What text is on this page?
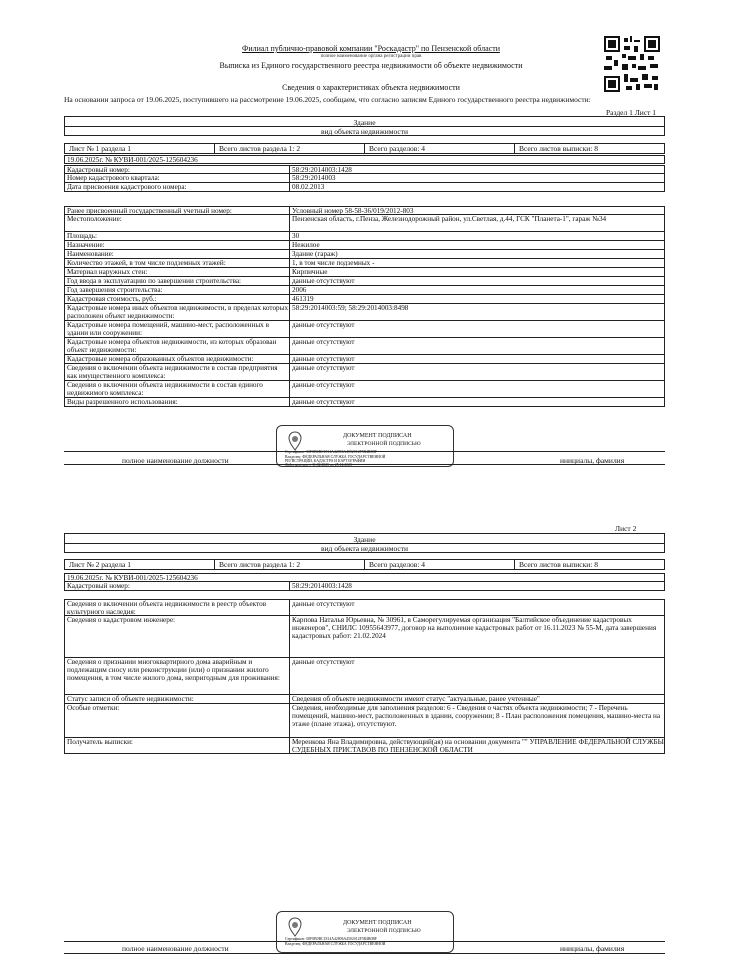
Филиал публично-правовой компании "Роскадастр" по Пензенской области
полное наименование органа регистрации прав
Выписка из Единого государственного реестра недвижимости об объекте недвижимости
Сведения о характеристиках объекта недвижимости
На основании запроса от 19.06.2025, поступившего на рассмотрение 19.06.2025, сообщаем, что согласно записям Единого государственного реестра недвижимости:
Раздел 1 Лист 1
Здание
вид объекта недвижимости
Лист № 1 раздела 1	Всего листов раздела 1: 2	Всего разделов: 4	Всего листов выписки: 8
19.06.2025г. № КУВИ-001/2025-125604236
Кадастровый номер:	58:29:2014003:1428
Номер кадастрового квартала:	58:29:2014003
Дата присвоения кадастрового номера:	08.02.2013
Ранее присвоенный государственный учетный номер:	Условный номер 58-58-36/019/2012-803
Местоположение:	Пензенская область, г.Пенза, Железнодорожный район, ул.Светлая, д.44, ГСК "Планета-1", гараж №34
Площадь:	30
Назначение:	Нежилое
Наименование:	Здание (гараж)
Количество этажей, в том числе подземных этажей:	1, в том числе подземных -
Материал наружных стен:	Кирпичные
Год ввода в эксплуатацию по завершении строительства:	данные отсутствуют
Год завершения строительства:	2006
Кадастровая стоимость, руб.:	461319
Кадастровые номера иных объектов недвижимости, в пределах которых расположен объект недвижимости:
58:29:2014003:59; 58:29:2014003:8498
Кадастровые номера помещений, машино-мест, расположенных в здании или сооружении:
данные отсутствуют
Кадастровые номера объектов недвижимости, из которых образован объект недвижимости:
данные отсутствуют
Кадастровые номера образованных объектов недвижимости:	данные отсутствуют
Сведения о включении объекта недвижимости в состав предприятия как имущественного комплекса:
данные отсутствуют
Сведения о включении объекта недвижимости в состав единого недвижимого комплекса:
данные отсутствуют
Виды разрешенного использования:	данные отсутствуют
ДОКУМЕНТ ПОДПИСАН
ЭЛЕКТРОННОЙ ПОДПИСЬЮ
Сертификат: 00F0B0BC1814A42806A4502012F5B4B0BF
Владелец: ФЕДЕРАЛЬНАЯ СЛУЖБА ГОСУДАРСТВЕННОЙ
РЕГИСТРАЦИИ, КАДАСТРА И КАРТОГРАФИИ
Действителен: с 11.02.2025 по 25.12.2025
полное наименование должности	инициалы, фамилия
Лист 2
Здание
вид объекта недвижимости
Лист № 2 раздела 1	Всего листов раздела 1: 2	Всего разделов: 4	Всего листов выписки: 8
19.06.2025г. № КУВИ-001/2025-125604236
Кадастровый номер:	58:29:2014003:1428
Сведения о включении объекта недвижимости в реестр объектов культурного наследия:
данные отсутствуют
Сведения о кадастровом инженере:	Карпова Наталья Юрьевна, № 30961, в Саморегулируемая организация "Балтийское объединение кадастровых инженеров", СНИЛС 10955643977, договор на выполнение кадастровых работ от 16.11.2023 № 55-М, дата завершения кадастровых работ: 21.02.2024
Сведения о признании многоквартирного дома аварийным и подлежащим сносу или реконструкции (или) о признании жилого помещения, в том числе жилого дома, непригодным для проживания:
данные отсутствуют
Статус записи об объекте недвижимости:	Сведения об объекте недвижимости имеют статус "актуальные, ранее учтенные"
Особые отметки:	Сведения, необходимые для заполнения разделов: 6 - Сведения о частях объекта недвижимости; 7 - Перечень помещений, машино-мест, расположенных в здании, сооружении; 8 - План расположения помещения, машино-места на этаже (плане этажа), отсутствуют.
Получатель выписки:	Меренкова Яна Владимировна, действующий(ая) на основании документа "" УПРАВЛЕНИЕ ФЕДЕРАЛЬНОЙ СЛУЖБЫ СУДЕБНЫХ ПРИСТАВОВ ПО ПЕНЗЕНСКОЙ ОБЛАСТИ
ДОКУМЕНТ ПОДПИСАН
ЭЛЕКТРОННОЙ ПОДПИСЬЮ
Сертификат: 00F0B0BC1814A42806A4502012F5B4B0BF
Владелец: ФЕДЕРАЛЬНАЯ СЛУЖБА ГОСУДАРСТВЕННОЙ
полное наименование должности	инициалы, фамилия
